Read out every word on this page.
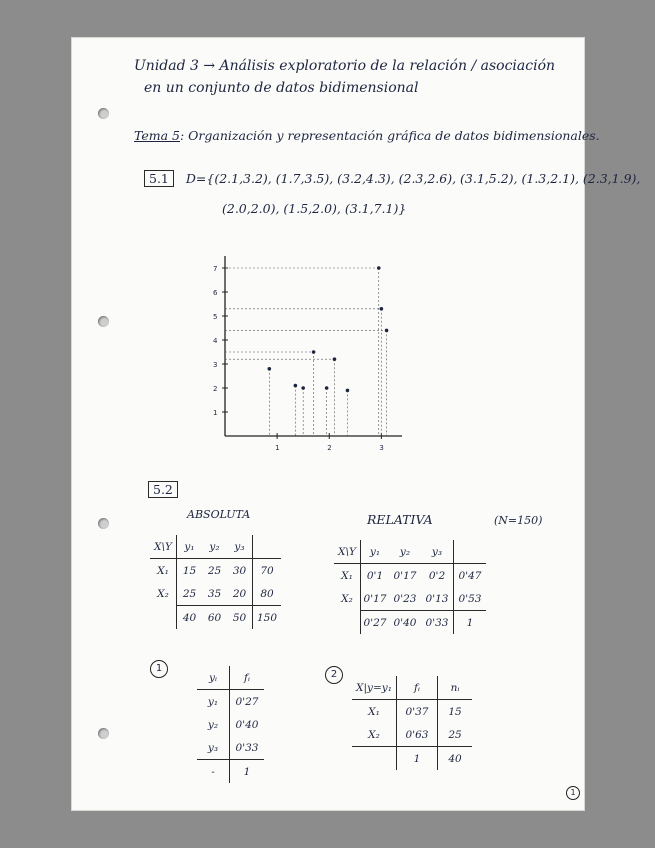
Unidad 3 → Análisis exploratorio de la relación / asociación
en un conjunto de datos bidimensional
Tema 5: Organización y representación gráfica de datos bidimensionales.
5.1 D={(2.1,3.2), (1.7,3.5), (3.2,4.3), (2.3,2.6), (3.1,5.2), (1.3,2.1), (2.3,1.9),
(2.0,2.0), (1.5,2.0), (3.1,7.1)}
1
2
3
4
5
6
7
1	2	3
5.2
ABSOLUTA	RELATIVA	(N=150)
X\Y	y₁	y₂	y₃	
X₁	15	25	30	70
X₂	25	35	20	80
	40	60	50	150
X\Y	y₁	y₂	y₃	
X₁	0'1	0'17	0'2	0'47
X₂	0'17	0'23	0'13	0'53
	0'27	0'40	0'33	1
1
yᵢ	fᵢ
y₁	0'27
y₂	0'40
y₃	0'33
-	1
2
X|y=y₁	fᵢ	nᵢ
X₁	0'37	15
X₂	0'63	25
	1	40
1
